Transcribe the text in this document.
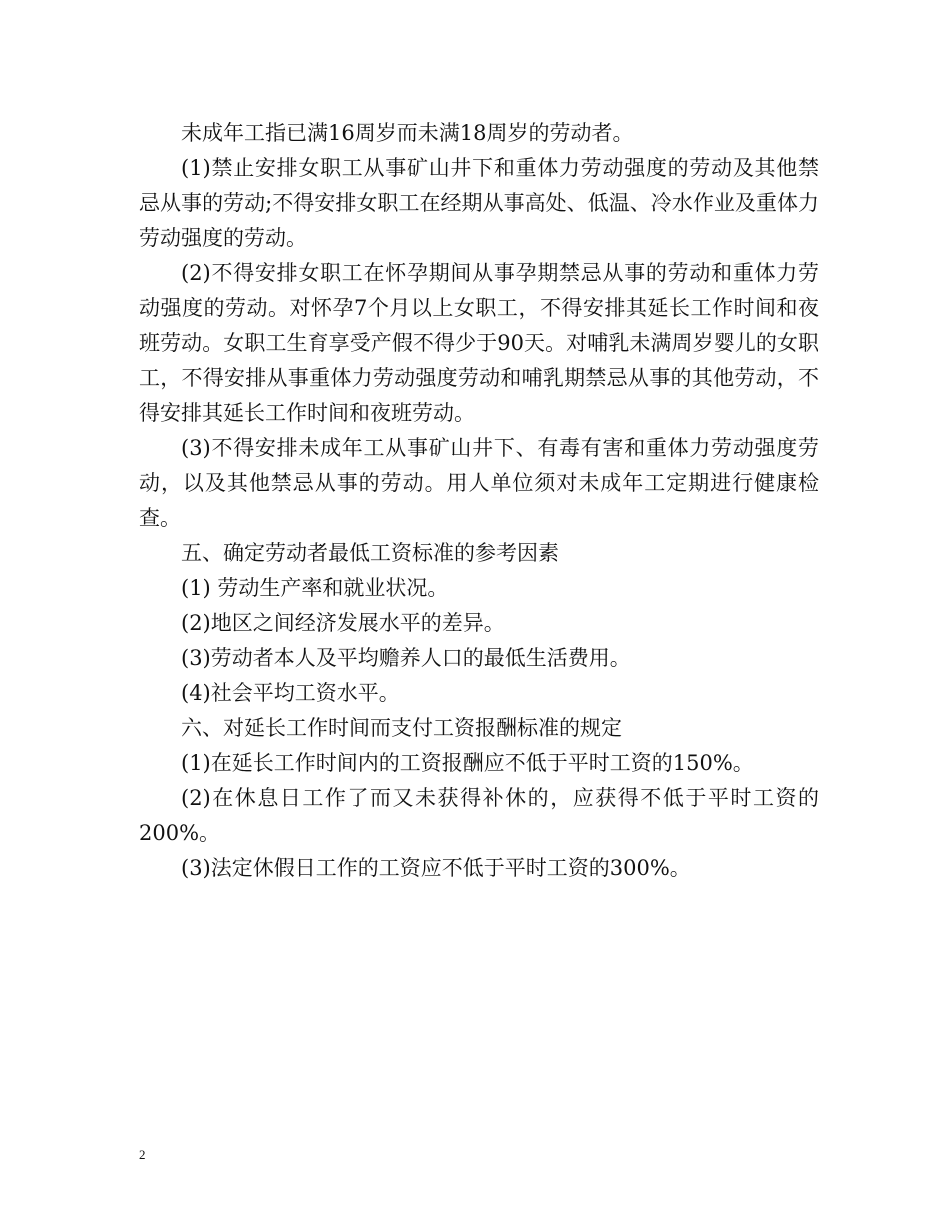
未成年工指已满16周岁而未满18周岁的劳动者。

(1)禁止安排女职工从事矿山井下和重体力劳动强度的劳动及其他禁忌从事的劳动;不得安排女职工在经期从事高处、低温、冷水作业及重体力劳动强度的劳动。

(2)不得安排女职工在怀孕期间从事孕期禁忌从事的劳动和重体力劳动强度的劳动。对怀孕7个月以上女职工，不得安排其延长工作时间和夜班劳动。女职工生育享受产假不得少于90天。对哺乳未满周岁婴儿的女职工，不得安排从事重体力劳动强度劳动和哺乳期禁忌从事的其他劳动，不得安排其延长工作时间和夜班劳动。

(3)不得安排未成年工从事矿山井下、有毒有害和重体力劳动强度劳动，以及其他禁忌从事的劳动。用人单位须对未成年工定期进行健康检查。

五、确定劳动者最低工资标准的参考因素

(1) 劳动生产率和就业状况。

(2)地区之间经济发展水平的差异。

(3)劳动者本人及平均赡养人口的最低生活费用。

(4)社会平均工资水平。

六、对延长工作时间而支付工资报酬标准的规定

(1)在延长工作时间内的工资报酬应不低于平时工资的150%。

(2)在休息日工作了而又未获得补休的，应获得不低于平时工资的200%。

(3)法定休假日工作的工资应不低于平时工资的300%。

2
